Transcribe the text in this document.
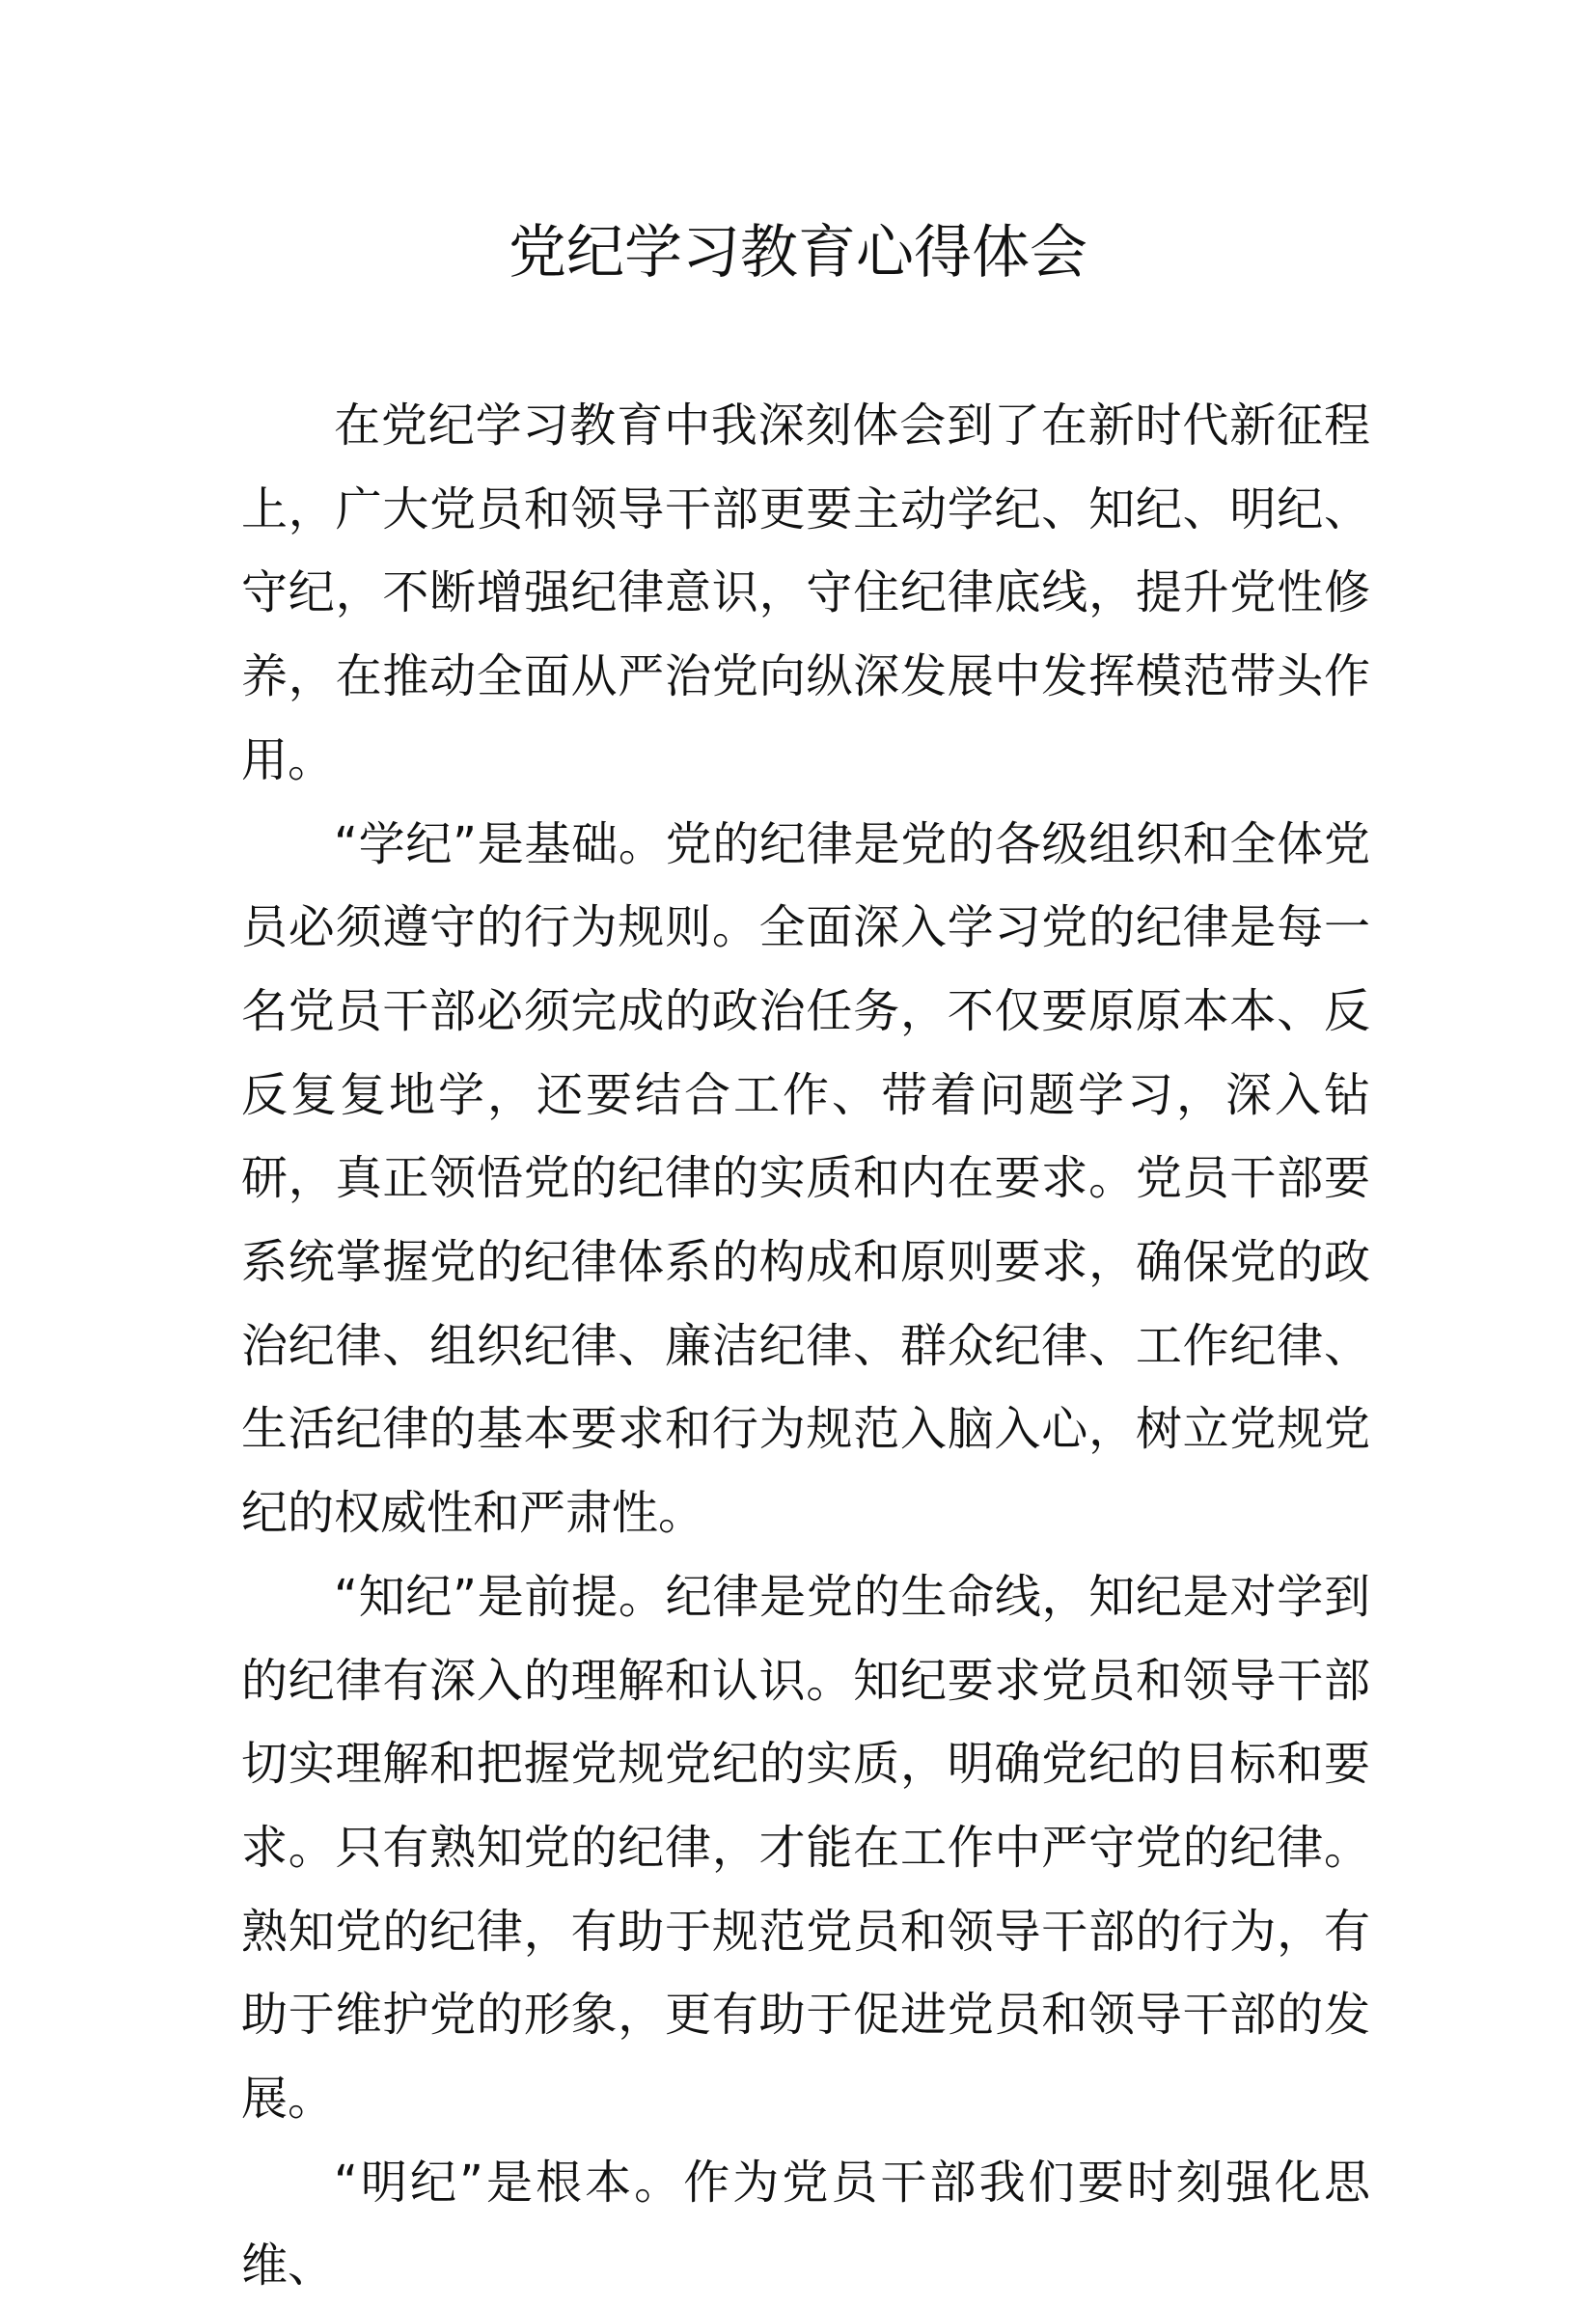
党纪学习教育心得体会

在党纪学习教育中我深刻体会到了在新时代新征程上，广大党员和领导干部更要主动学纪、知纪、明纪、守纪，不断增强纪律意识，守住纪律底线，提升党性修养，在推动全面从严治党向纵深发展中发挥模范带头作用。

“学纪”是基础。党的纪律是党的各级组织和全体党员必须遵守的行为规则。全面深入学习党的纪律是每一名党员干部必须完成的政治任务，不仅要原原本本、反反复复地学，还要结合工作、带着问题学习，深入钻研，真正领悟党的纪律的实质和内在要求。党员干部要系统掌握党的纪律体系的构成和原则要求，确保党的政治纪律、组织纪律、廉洁纪律、群众纪律、工作纪律、生活纪律的基本要求和行为规范入脑入心，树立党规党纪的权威性和严肃性。

“知纪”是前提。纪律是党的生命线，知纪是对学到的纪律有深入的理解和认识。知纪要求党员和领导干部切实理解和把握党规党纪的实质，明确党纪的目标和要求。只有熟知党的纪律，才能在工作中严守党的纪律。熟知党的纪律，有助于规范党员和领导干部的行为，有助于维护党的形象，更有助于促进党员和领导干部的发展。

“明纪”是根本。作为党员干部我们要时刻强化思维、
